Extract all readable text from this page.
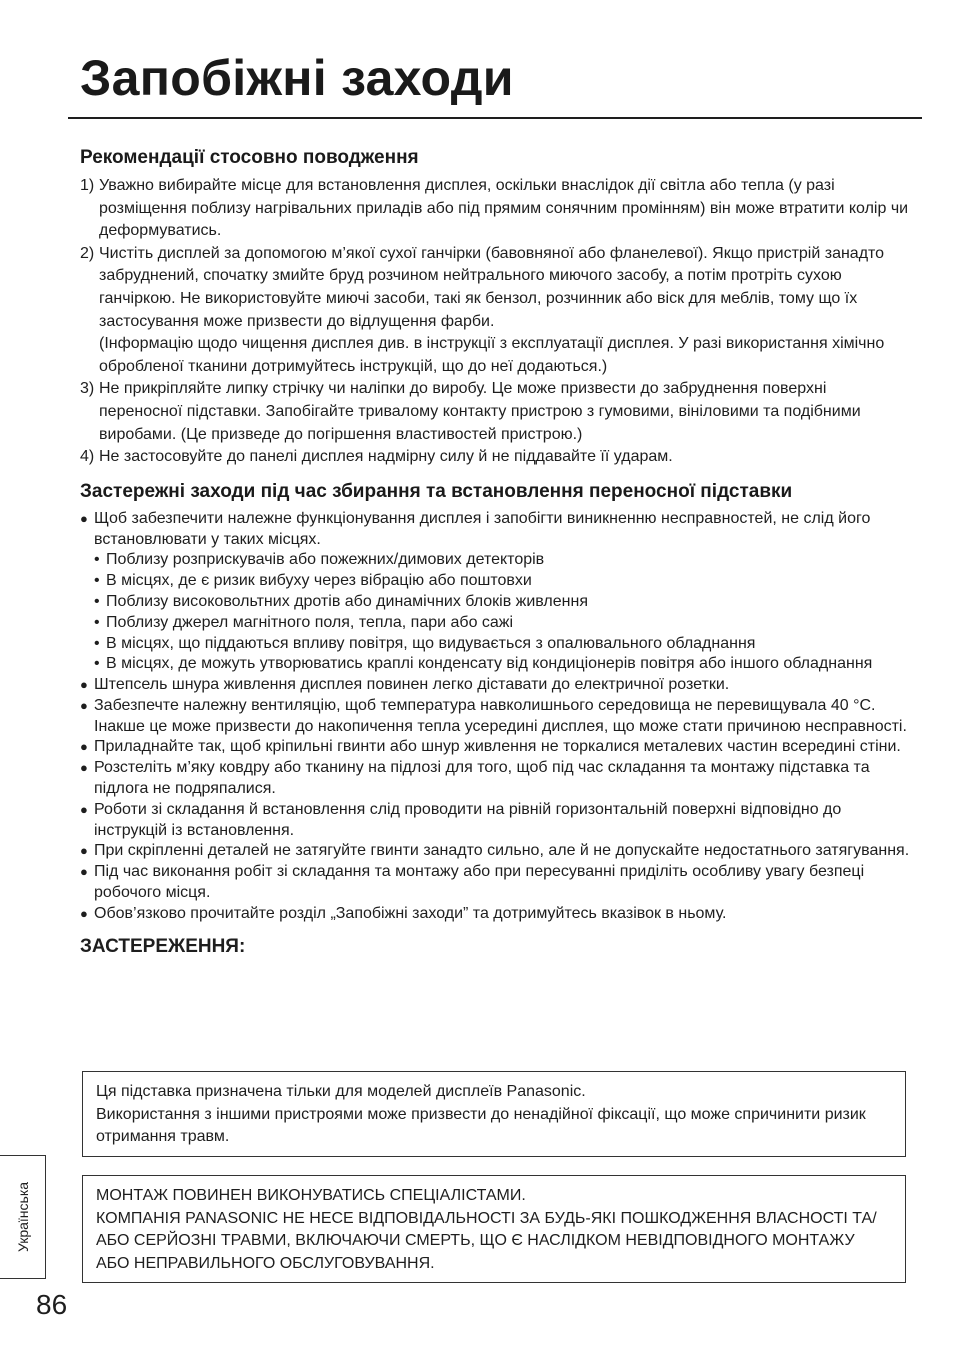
Запобіжні заходи
Рекомендації стосовно поводження
1) Уважно вибирайте місце для встановлення дисплея, оскільки внаслідок дії світла або тепла (у разі розміщення поблизу нагрівальних приладів або під прямим сонячним промінням) він може втратити колір чи деформуватись.
2) Чистіть дисплей за допомогою м’якої сухої ганчірки (бавовняної або фланелевої). Якщо пристрій занадто забруднений, спочатку змийте бруд розчином нейтрального миючого засобу, а потім протріть сухою ганчіркою. Не використовуйте миючі засоби, такі як бензол, розчинник або віск для меблів, тому що їх застосування може призвести до відлущення фарби.
(Інформацію щодо чищення дисплея див. в інструкції з експлуатації дисплея. У разі використання хімічно обробленої тканини дотримуйтесь інструкцій, що до неї додаються.)
3) Не прикріпляйте липку стрічку чи наліпки до виробу. Це може призвести до забруднення поверхні переносної підставки. Запобігайте тривалому контакту пристрою з гумовими, вініловими та подібними виробами. (Це призведе до погіршення властивостей пристрою.)
4) Не застосовуйте до панелі дисплея надмірну силу й не піддавайте її ударам.
Застережні заходи під час збирання та встановлення переносної підставки
● Щоб забезпечити належне функціонування дисплея і запобігти виникненню несправностей, не слід його встановлювати у таких місцях.
• Поблизу розприскувачів або пожежних/димових детекторів
• В місцях, де є ризик вибуху через вібрацію або поштовхи
• Поблизу високовольтних дротів або динамічних блоків живлення
• Поблизу джерел магнітного поля, тепла, пари або сажі
• В місцях, що піддаються впливу повітря, що видувається з опалювального обладнання
• В місцях, де можуть утворюватись краплі конденсату від кондиціонерів повітря або іншого обладнання
● Штепсель шнура живлення дисплея повинен легко діставати до електричної розетки.
● Забезпечте належну вентиляцію, щоб температура навколишнього середовища не перевищувала 40 °C. Інакше це може призвести до накопичення тепла усередині дисплея, що може стати причиною несправності.
● Приладнайте так, щоб кріпильні гвинти або шнур живлення не торкалися металевих частин всередині стіни.
● Розстеліть м’яку ковдру або тканину на підлозі для того, щоб під час складання та монтажу підставка та підлога не подряпалися.
● Роботи зі складання й встановлення слід проводити на рівній горизонтальній поверхні відповідно до інструкцій із встановлення.
● При скріпленні деталей не затягуйте гвинти занадто сильно, але й не допускайте недостатнього затягування.
● Під час виконання робіт зі складання та монтажу або при пересуванні приділіть особливу увагу безпеці робочого місця.
● Обов’язково прочитайте розділ „Запобіжні заходи” та дотримуйтесь вказівок в ньому.
ЗАСТЕРЕЖЕННЯ:

Ця підставка призначена тільки для моделей дисплеїв Panasonic.

Використання з іншими пристроями може призвести до ненадійної фіксації, що може спричинити ризик отримання травм.

МОНТАЖ ПОВИНЕН ВИКОНУВАТИСЬ СПЕЦІАЛІСТАМИ.

КОМПАНІЯ PANASONIC НЕ НЕСЕ ВІДПОВІДАЛЬНОСТІ ЗА БУДЬ-ЯКІ ПОШКОДЖЕННЯ ВЛАСНОСТІ ТА/АБО СЕРЙОЗНІ ТРАВМИ, ВКЛЮЧАЮЧИ СМЕРТЬ, ЩО Є НАСЛІДКОМ НЕВІДПОВІДНОГО МОНТАЖУ АБО НЕПРАВИЛЬНОГО ОБСЛУГОВУВАННЯ.

Українська
86
